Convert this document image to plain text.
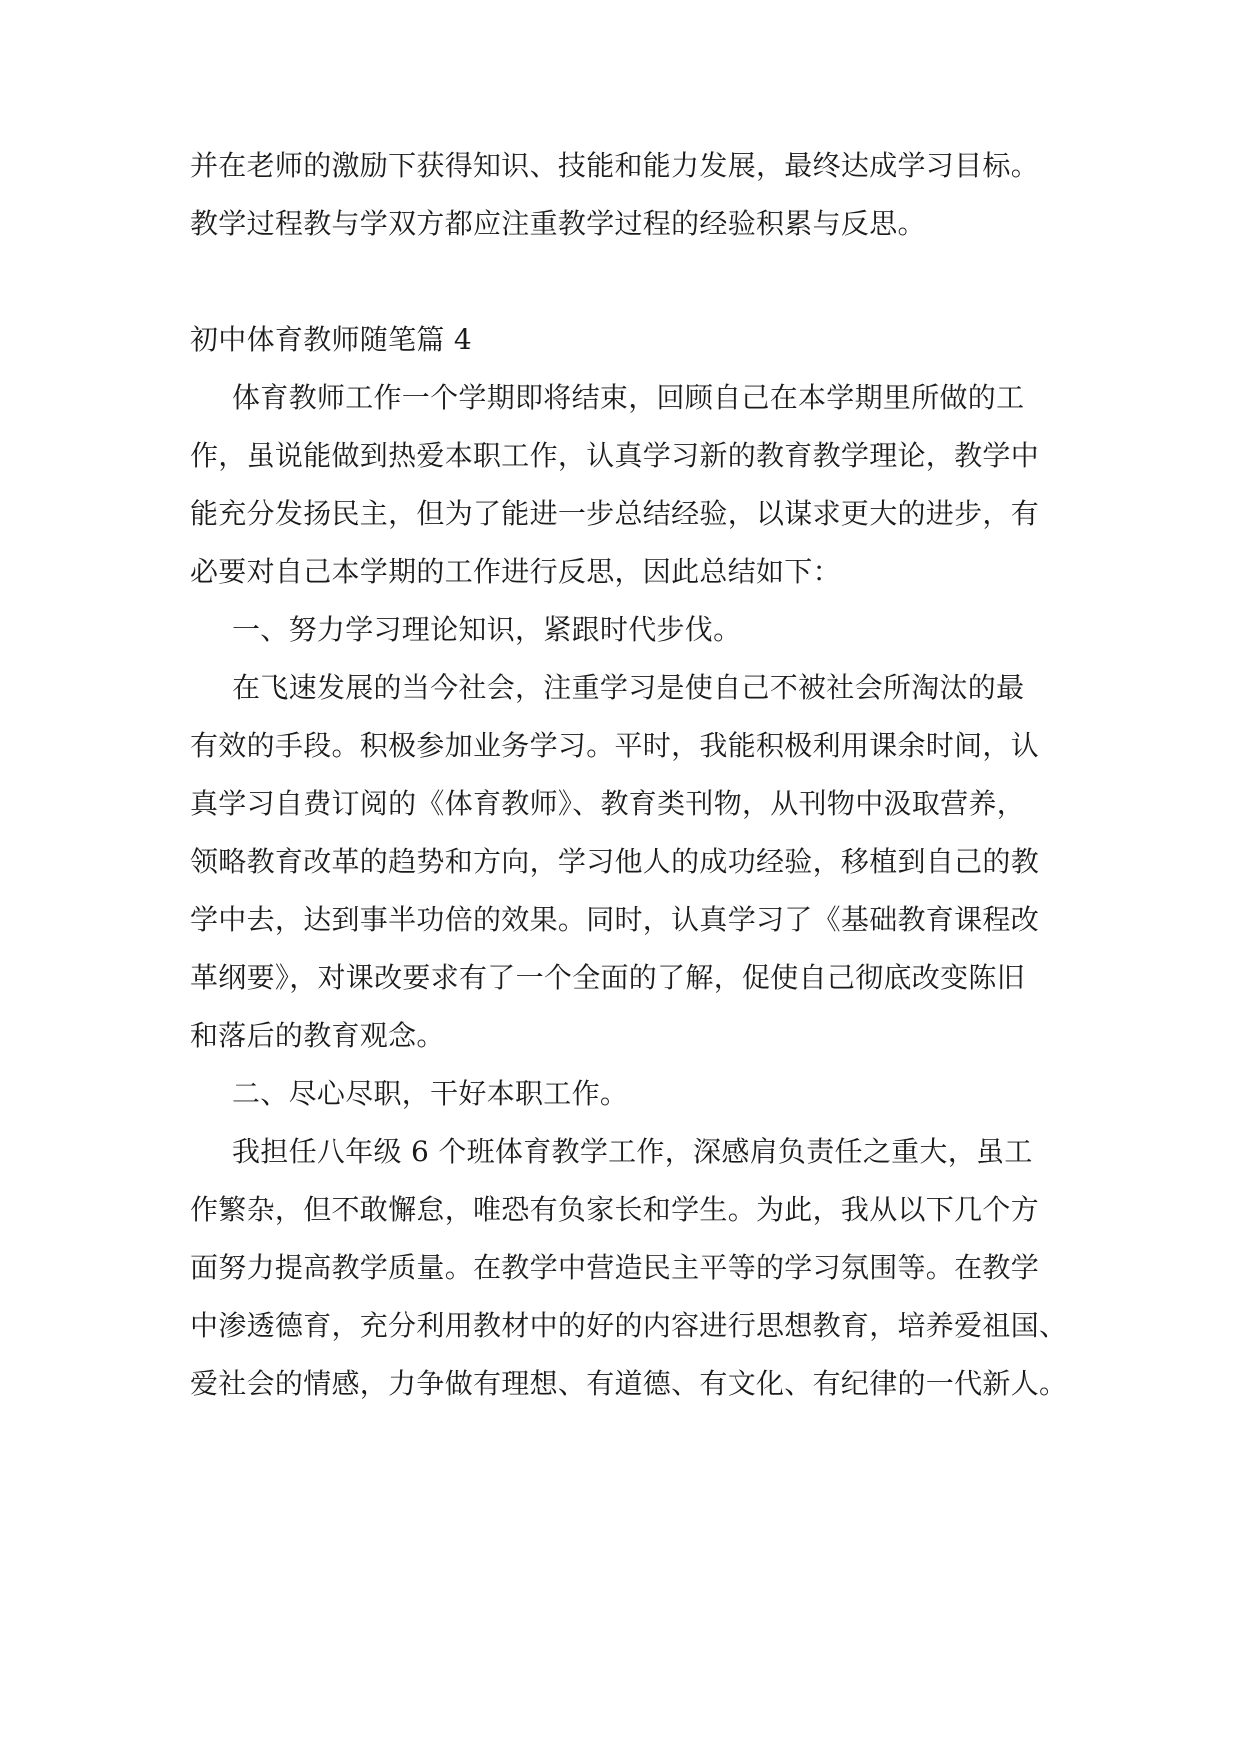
并在老师的激励下获得知识、技能和能力发展，最终达成学习目标。
教学过程教与学双方都应注重教学过程的经验积累与反思。
初中体育教师随笔篇 4
体育教师工作一个学期即将结束，回顾自己在本学期里所做的工
作，虽说能做到热爱本职工作，认真学习新的教育教学理论，教学中
能充分发扬民主，但为了能进一步总结经验，以谋求更大的进步，有
必要对自己本学期的工作进行反思，因此总结如下：
一、努力学习理论知识，紧跟时代步伐。
在飞速发展的当今社会，注重学习是使自己不被社会所淘汰的最
有效的手段。积极参加业务学习。平时，我能积极利用课余时间，认
真学习自费订阅的《体育教师》、教育类刊物，从刊物中汲取营养，
领略教育改革的趋势和方向，学习他人的成功经验，移植到自己的教
学中去，达到事半功倍的效果。同时，认真学习了《基础教育课程改
革纲要》，对课改要求有了一个全面的了解，促使自己彻底改变陈旧
和落后的教育观念。
二、尽心尽职，干好本职工作。
我担任八年级 6 个班体育教学工作，深感肩负责任之重大，虽工
作繁杂，但不敢懈怠，唯恐有负家长和学生。为此，我从以下几个方
面努力提高教学质量。在教学中营造民主平等的学习氛围等。在教学
中渗透德育，充分利用教材中的好的内容进行思想教育，培养爱祖国、
爱社会的情感，力争做有理想、有道德、有文化、有纪律的一代新人。
